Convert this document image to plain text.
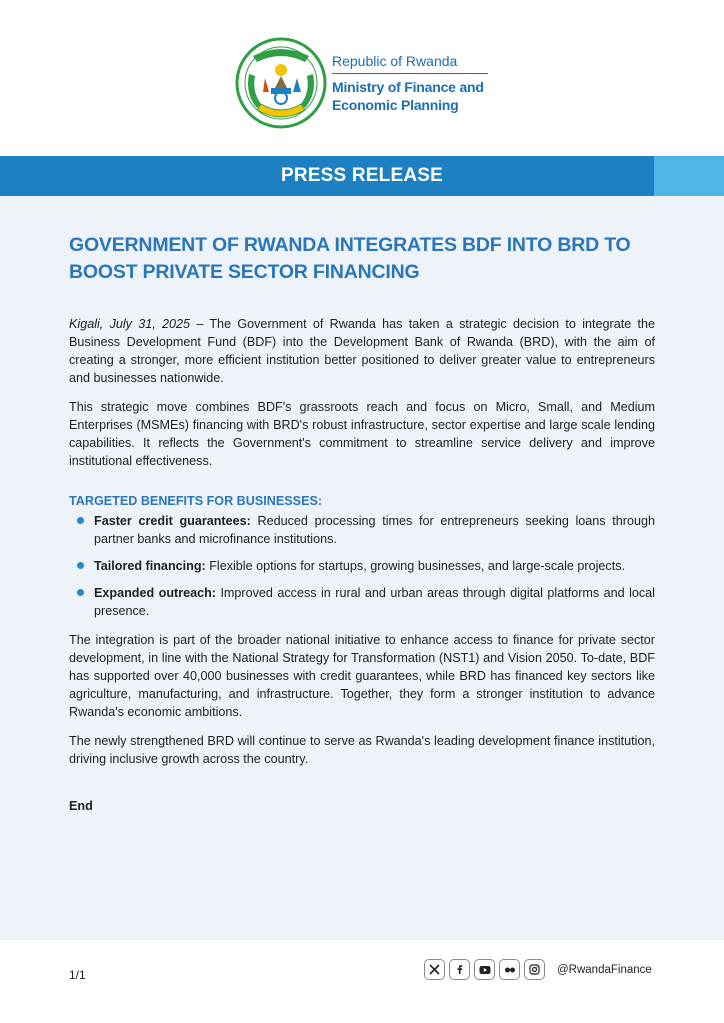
Republic of Rwanda
Ministry of Finance and
Economic Planning
PRESS RELEASE
GOVERNMENT OF RWANDA INTEGRATES BDF INTO BRD TO
BOOST PRIVATE SECTOR FINANCING

Kigali, July 31, 2025 – The Government of Rwanda has taken a strategic decision to integrate the Business Development Fund (BDF) into the Development Bank of Rwanda (BRD), with the aim of creating a stronger, more efficient institution better positioned to deliver greater value to entrepreneurs and businesses nationwide.

This strategic move combines BDF's grassroots reach and focus on Micro, Small, and Medium Enterprises (MSMEs) financing with BRD's robust infrastructure, sector expertise and large scale lending capabilities. It reflects the Government's commitment to streamline service delivery and improve institutional effectiveness.

TARGETED BENEFITS FOR BUSINESSES:
Faster credit guarantees: Reduced processing times for entrepreneurs seeking loans through partner banks and microfinance institutions.
Tailored financing: Flexible options for startups, growing businesses, and large-scale projects.
Expanded outreach: Improved access in rural and urban areas through digital platforms and local presence.

The integration is part of the broader national initiative to enhance access to finance for private sector development, in line with the National Strategy for Transformation (NST1) and Vision 2050. To-date, BDF has supported over 40,000 businesses with credit guarantees, while BRD has financed key sectors like agriculture, manufacturing, and infrastructure. Together, they form a stronger institution to advance Rwanda's economic ambitions.

The newly strengthened BRD will continue to serve as Rwanda's leading development finance institution, driving inclusive growth across the country.

End
1/1	@RwandaFinance
